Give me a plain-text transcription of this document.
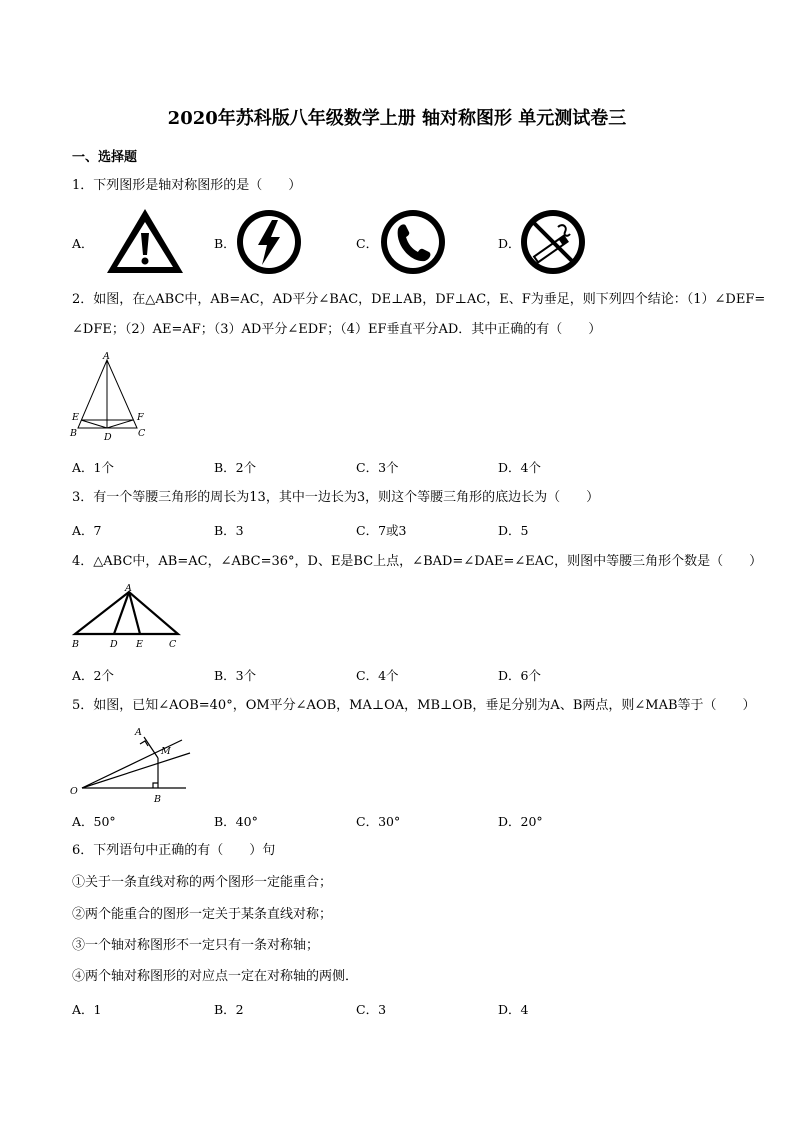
2020年苏科版八年级数学上册 轴对称图形 单元测试卷三
一、选择题
1．下列图形是轴对称图形的是（　　）
A．	B．	C．	D．
2．如图，在△ABC中，AB=AC，AD平分∠BAC，DE⊥AB，DF⊥AC，E、F为垂足，则下列四个结论：（1）∠DEF=
∠DFE；（2）AE=AF；（3）AD平分∠EDF；（4）EF垂直平分AD．其中正确的有（　　）
A
E	F
B	D	C
A．1个	B．2个	C．3个	D．4个
3．有一个等腰三角形的周长为13，其中一边长为3，则这个等腰三角形的底边长为（　　）
A．7	B．3	C．7或3	D．5
4．△ABC中，AB=AC，∠ABC=36°，D、E是BC上点，∠BAD=∠DAE=∠EAC，则图中等腰三角形个数是（　　）
A
B	D E	C
A．2个	B．3个	C．4个	D．6个
5．如图，已知∠AOB=40°，OM平分∠AOB，MA⊥OA，MB⊥OB，垂足分别为A、B两点，则∠MAB等于（　　）
A
M
O
B
A．50°	B．40°	C．30°	D．20°
6．下列语句中正确的有（　　）句
①关于一条直线对称的两个图形一定能重合；
②两个能重合的图形一定关于某条直线对称；
③一个轴对称图形不一定只有一条对称轴；
④两个轴对称图形的对应点一定在对称轴的两侧．
A．1	B．2	C．3	D．4
